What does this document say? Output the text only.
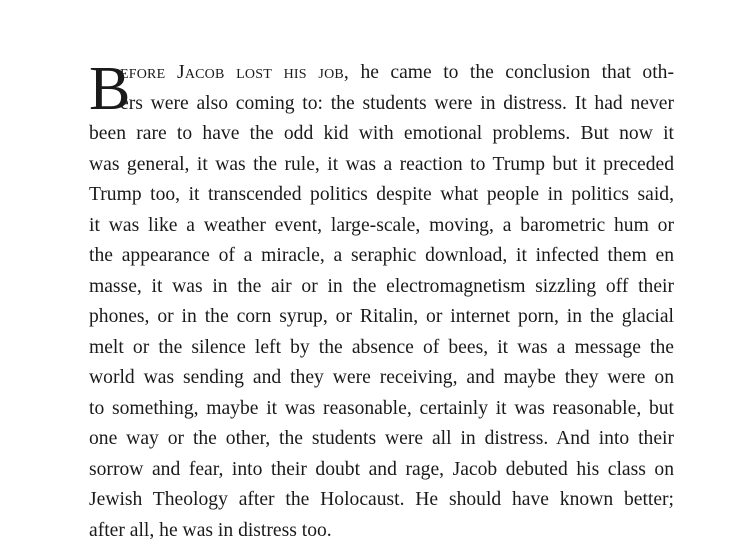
B
efore Jacob lost his job, he came to the conclusion that oth-
ers were also coming to: the students were in distress. It had never
been rare to have the odd kid with emotional problems. But now it
was general, it was the rule, it was a reaction to Trump but it preceded
Trump too, it transcended politics despite what people in politics said,
it was like a weather event, large-scale, moving, a barometric hum or
the appearance of a miracle, a seraphic download, it infected them en
masse, it was in the air or in the electromagnetism sizzling off their
phones, or in the corn syrup, or Ritalin, or internet porn, in the glacial
melt or the silence left by the absence of bees, it was a message the
world was sending and they were receiving, and maybe they were on
to something, maybe it was reasonable, certainly it was reasonable, but
one way or the other, the students were all in distress. And into their
sorrow and fear, into their doubt and rage, Jacob debuted his class on
Jewish Theology after the Holocaust. He should have known better;
after all, he was in distress too.
